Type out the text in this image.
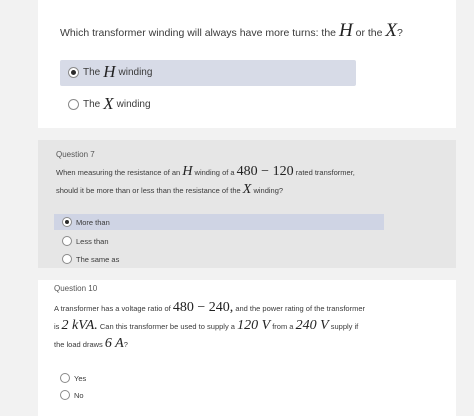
Which transformer winding will always have more turns: the H or the X?
The H winding
The X winding
Question 7
When measuring the resistance of an H winding of a 480 − 120 rated transformer,
should it be more than or less than the resistance of the X winding?
More than
Less than
The same as
Question 10
A transformer has a voltage ratio of 480 − 240, and the power rating of the transformer
is 2 kVA. Can this transformer be used to supply a 120 V from a 240 V supply if
the load draws 6 A?
Yes
No
